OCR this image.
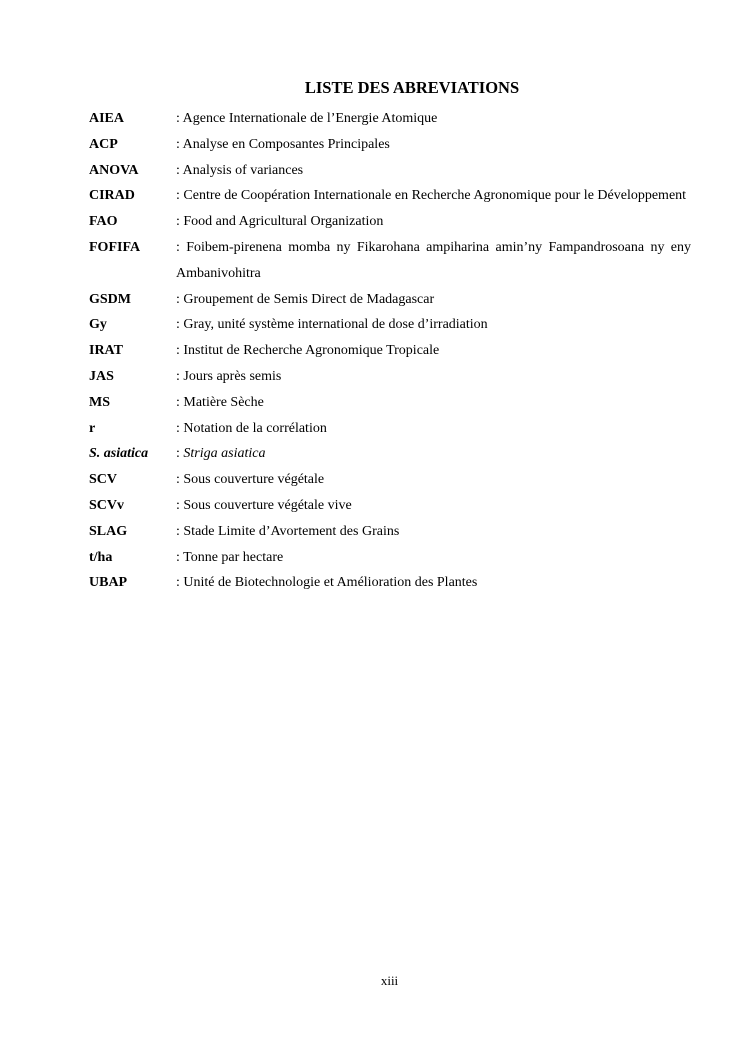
LISTE DES ABREVIATIONS
AIEA	: Agence Internationale de l’Energie Atomique
ACP	: Analyse en Composantes Principales
ANOVA	: Analysis of variances
CIRAD	: Centre de Coopération Internationale en Recherche Agronomique pour le Développement
FAO	: Food and Agricultural Organization
FOFIFA	: Foibem-pirenena momba ny Fikarohana ampiharina amin’ny Fampandrosoana ny eny Ambanivohitra
GSDM	: Groupement de Semis Direct de Madagascar
Gy	: Gray, unité système international de dose d’irradiation
IRAT	: Institut de Recherche Agronomique Tropicale
JAS	: Jours après semis
MS	: Matière Sèche
r	: Notation de la corrélation
S. asiatica	: Striga asiatica
SCV	: Sous couverture végétale
SCVv	: Sous couverture végétale vive
SLAG	: Stade Limite d’Avortement des Grains
t/ha	: Tonne par hectare
UBAP	: Unité de Biotechnologie et Amélioration des Plantes
xiii
